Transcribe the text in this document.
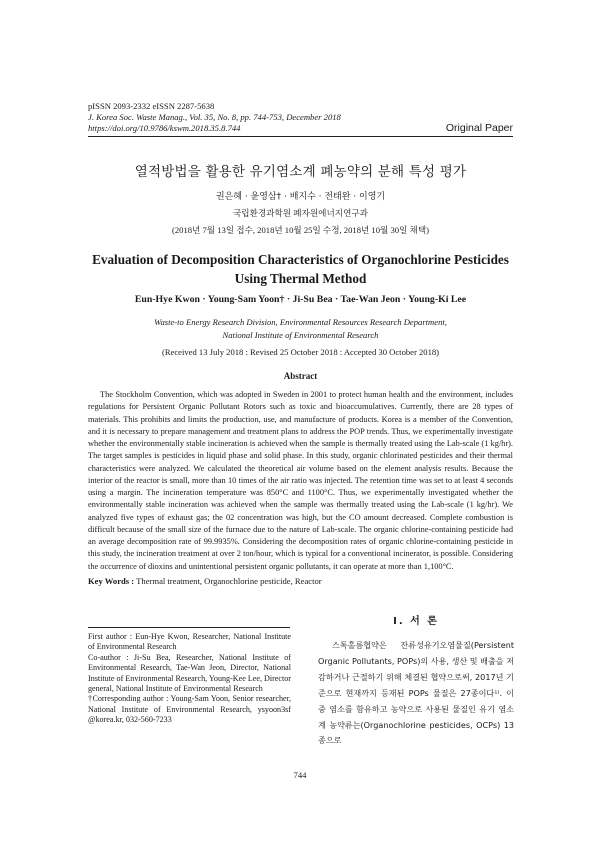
pISSN 2093-2332 eISSN 2287-5638
J. Korea Soc. Waste Manag., Vol. 35, No. 8, pp. 744-753, December 2018
https://doi.org/10.9786/kswm.2018.35.8.744	Original Paper
열적방법을 활용한 유기염소계 폐농약의 분해 특성 평가
권은혜 · 윤영삼† · 배지수 · 전태완 · 이영기
국립환경과학원 폐자원에너지연구과
(2018년 7월 13일 접수, 2018년 10월 25일 수정, 2018년 10월 30일 채택)
Evaluation of Decomposition Characteristics of Organochlorine Pesticides
Using Thermal Method
Eun-Hye Kwon · Young-Sam Yoon† · Ji-Su Bea · Tae-Wan Jeon · Young-Ki Lee
Waste-to Energy Research Division, Environmental Resources Research Department,
National Institute of Environmental Research
(Received 13 July 2018 : Revised 25 October 2018 : Accepted 30 October 2018)
Abstract

The Stockholm Convention, which was adopted in Sweden in 2001 to protect human health and the environment, includes regulations for Persistent Organic Pollutant Rotors such as toxic and bioaccumulatives. Currently, there are 28 types of materials. This prohibits and limits the production, use, and manufacture of products. Korea is a member of the Convention, and it is necessary to prepare management and treatment plans to address the POP trends. Thus, we experimentally investigate whether the environmentally stable incineration is achieved when the sample is thermally treated using the Lab-scale (1 kg/hr). The target samples is pesticides in liquid phase and solid phase. In this study, organic chlorinated pesticides and their thermal characteristics were analyzed. We calculated the theoretical air volume based on the element analysis results. Because the interior of the reactor is small, more than 10 times of the air ratio was injected. The retention time was set to at least 4 seconds using a margin. The incineration temperature was 850°C and 1100°C. Thus, we experimentally investigated whether the environmentally stable incineration was achieved when the sample was thermally treated using the Lab-scale (1 kg/hr). We analyzed five types of exhaust gas; the 02 concentration was high, but the CO amount decreased. Complete combustion is difficult because of the small size of the furnace due to the nature of Lab-scale. The organic chlorine-containing pesticide had an average decomposition rate of 99.9935%. Considering the decomposition rates of organic chlorine-containing pesticide in this study, the incineration treatment at over 2 ton/hour, which is typical for a conventional incinerator, is possible. Considering the occurrence of dioxins and unintentional persistent organic pollutants, it can operate at more than 1,100°C.

Key Words : Thermal treatment, Organochlorine pesticide, Reactor
I. 서 론

스톡홀름협약은 잔류성유기오염물질(Persistent Organic Pollutants, POPs)의 사용, 생산 및 배출을 저감하거나 근절하기 위해 체결된 협약으로써, 2017년 기준으로 현재까지 등재된 POPs 물질은 27종이다¹⁾. 이 중 염소를 함유하고 농약으로 사용된 물질인 유기 염소계 농약류는(Organochlorine pesticides, OCPs) 13종으로

First author : Eun-Hye Kwon, Researcher, National Institute of Environmental Research

Co-author : Ji-Su Bea, Researcher, National Institute of Environmental Research, Tae-Wan Jeon, Director, National Institute of Environmental Research, Young-Kee Lee, Director general, National Institute of Environmental Research

†Corresponding author : Young-Sam Yoon, Senior researcher, National Institute of Environmental Research, ysyoon3sf @korea.kr, 032-560-7233

744
